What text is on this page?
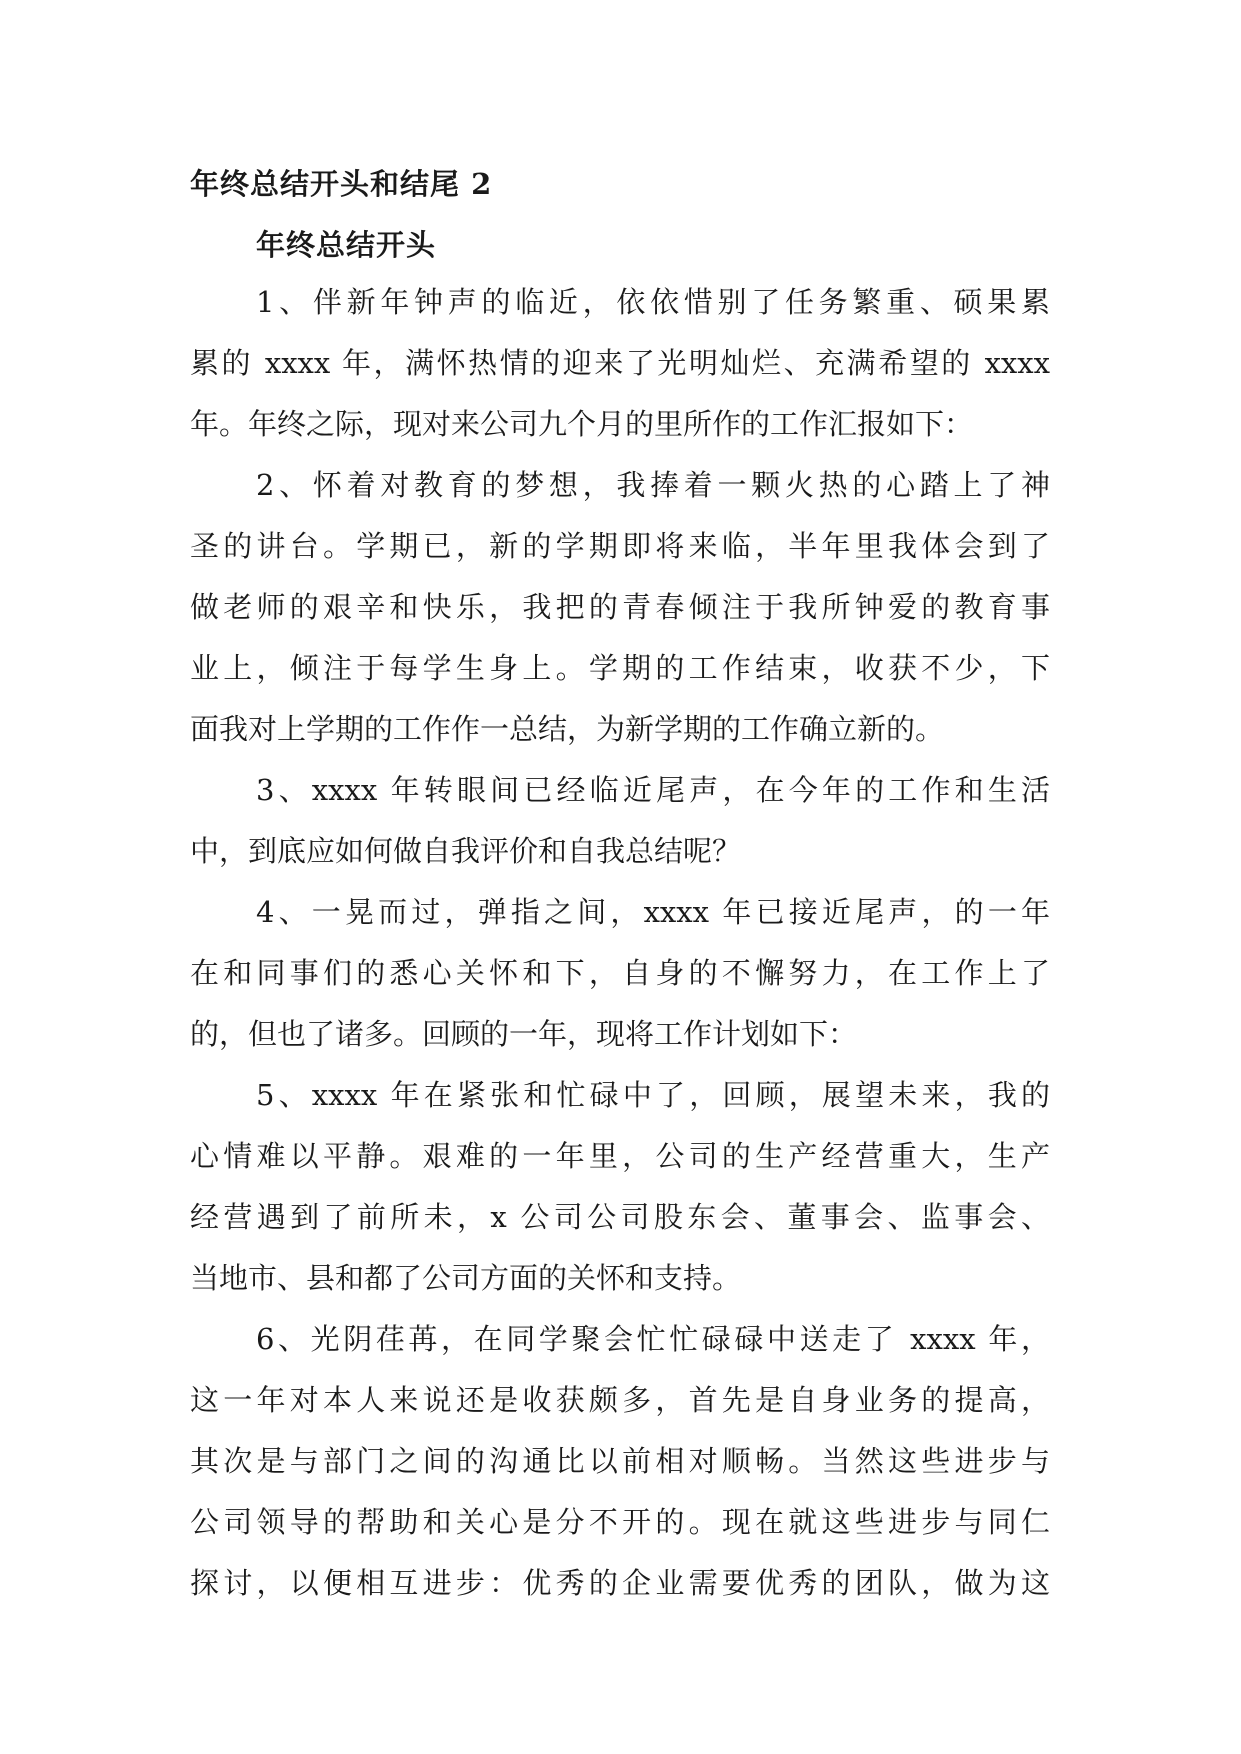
年终总结开头和结尾 2
年终总结开头

1、伴新年钟声的临近，依依惜别了任务繁重、硕果累
累的 xxxx 年，满怀热情的迎来了光明灿烂、充满希望的 xxxx
年。年终之际，现对来公司九个月的里所作的工作汇报如下：

2、怀着对教育的梦想，我捧着一颗火热的心踏上了神
圣的讲台。学期已，新的学期即将来临，半年里我体会到了
做老师的艰辛和快乐，我把的青春倾注于我所钟爱的教育事
业上，倾注于每学生身上。学期的工作结束，收获不少，下
面我对上学期的工作作一总结，为新学期的工作确立新的。

3、xxxx 年转眼间已经临近尾声，在今年的工作和生活
中，到底应如何做自我评价和自我总结呢？

4、一晃而过，弹指之间，xxxx 年已接近尾声，的一年
在和同事们的悉心关怀和下，自身的不懈努力，在工作上了
的，但也了诸多。回顾的一年，现将工作计划如下：

5、xxxx 年在紧张和忙碌中了，回顾，展望未来，我的
心情难以平静。艰难的一年里，公司的生产经营重大，生产
经营遇到了前所未，x 公司公司股东会、董事会、监事会、
当地市、县和都了公司方面的关怀和支持。

6、光阴荏苒，在同学聚会忙忙碌碌中送走了 xxxx 年，
这一年对本人来说还是收获颇多，首先是自身业务的提高，
其次是与部门之间的沟通比以前相对顺畅。当然这些进步与
公司领导的帮助和关心是分不开的。现在就这些进步与同仁
探讨，以便相互进步：优秀的企业需要优秀的团队，做为这
